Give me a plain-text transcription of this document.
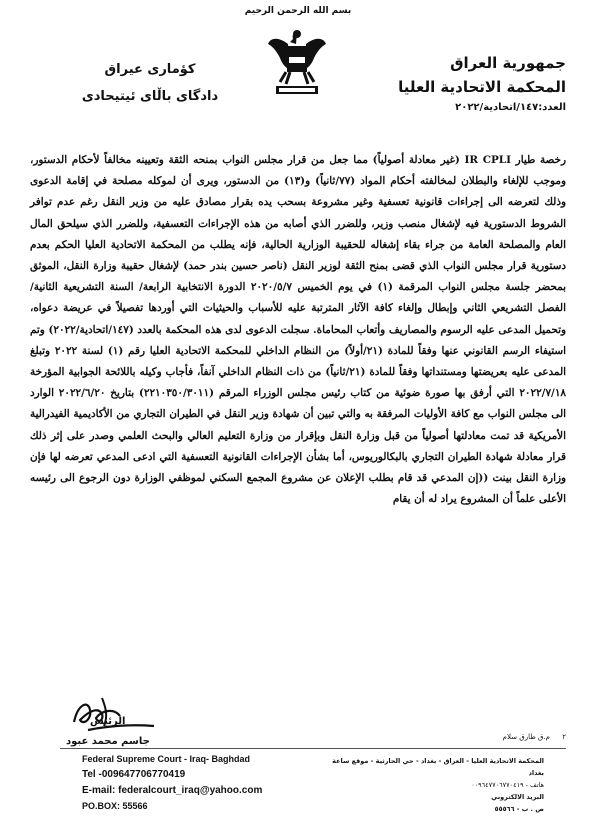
بسم الله الرحمن الرحيم
جمهورية العراق
المحكمة الاتحادية العليا
العدد:١٤٧/اتحادية/٢٠٢٢
كؤماری عيراق
دادگای باڵای ئيتيحادی

رخصة طيار IR CPLI (غير معادلة أصولياً) مما جعل من قرار مجلس النواب بمنحه الثقة وتعيينه مخالفاً لأحكام الدستور، وموجب للإلغاء والبطلان لمخالفته أحكام المواد (٧٧/ثانياً) و(١٣) من الدستور، ويرى أن لموكله مصلحة في إقامة الدعوى وذلك لتعرضه الى إجراءات قانونية تعسفية وغير مشروعة بسحب يده بقرار مصادق عليه من وزير النقل رغم عدم توافر الشروط الدستورية فيه لإشغال منصب وزير، وللضرر الذي أصابه من هذه الإجراءات التعسفية، وللضرر الذي سيلحق المال العام والمصلحة العامة من جراء بقاء إشغاله للحقيبة الوزارية الحالية، فإنه يطلب من المحكمة الاتحادية العليا الحكم بعدم دستورية قرار مجلس النواب الذي قضى بمنح الثقة لوزير النقل (ناصر حسين بندر حمد) لإشغال حقيبة وزارة النقل، الموثق بمحضر جلسة مجلس النواب المرقمة (١) في يوم الخميس ٢٠٢٠/٥/٧ الدورة الانتخابية الرابعة/ السنة التشريعية الثانية/ الفصل التشريعي الثاني وإبطال وإلغاء كافة الآثار المترتبة عليه للأسباب والحيثيات التي أوردها تفصيلاً في عريضة دعواه، وتحميل المدعى عليه الرسوم والمصاريف وأتعاب المحاماة. سجلت الدعوى لدى هذه المحكمة بالعدد (١٤٧/اتحادية/٢٠٢٢) وتم استيفاء الرسم القانوني عنها وفقاً للمادة (٢١/أولاً) من النظام الداخلي للمحكمة الاتحادية العليا رقم (١) لسنة ٢٠٢٢ وتبلغ المدعى عليه بعريضتها ومستنداتها وفقاً للمادة (٢١/ثانياً) من ذات النظام الداخلي آنفاً، فأجاب وكيله باللائحة الجوابية المؤرخة ٢٠٢٢/٧/١٨ التي أرفق بها صورة ضوئية من كتاب رئيس مجلس الوزراء المرقم (٢٢١٠٣٥٠/٣٠١١) بتاريخ ٢٠٢٢/٦/٢٠ الوارد الى مجلس النواب مع كافة الأوليات المرفقة به والتي تبين أن شهادة وزير النقل في الطيران التجاري من الأكاديمية الفيدرالية الأمريكية قد تمت معادلتها أصولياً من قبل وزارة النقل وبإقرار من وزارة التعليم العالي والبحث العلمي وصدر على إثر ذلك قرار معادلة شهادة الطيران التجاري بالبكالوريوس، أما بشأن الإجراءات القانونية التعسفية التي ادعى المدعي تعرضه لها فإن وزارة النقل بينت ((إن المدعي قد قام بطلب الإعلان عن مشروع المجمع السكني لموظفي الوزارة دون الرجوع الى رئيسه الأعلى علماً أن المشروع يراد له أن يقام

الرئيس
جاسم محمد عبود	٢ م.ق طارق سلام
Federal Supreme Court - Iraq- Baghdad
Tel -009647706770419
E-mail: federalcourt_iraq@yahoo.com
PO.BOX: 55566
المحكمة الاتحادية العليا - العراق - بغداد - حي الحارثية - موقع ساعة بغداد
هاتف - ٠٠٩٦٤٧٧٠٦٧٧٠٤١٩
البريد الالكتروني
ص . ب - ٥٥٥٦٦
